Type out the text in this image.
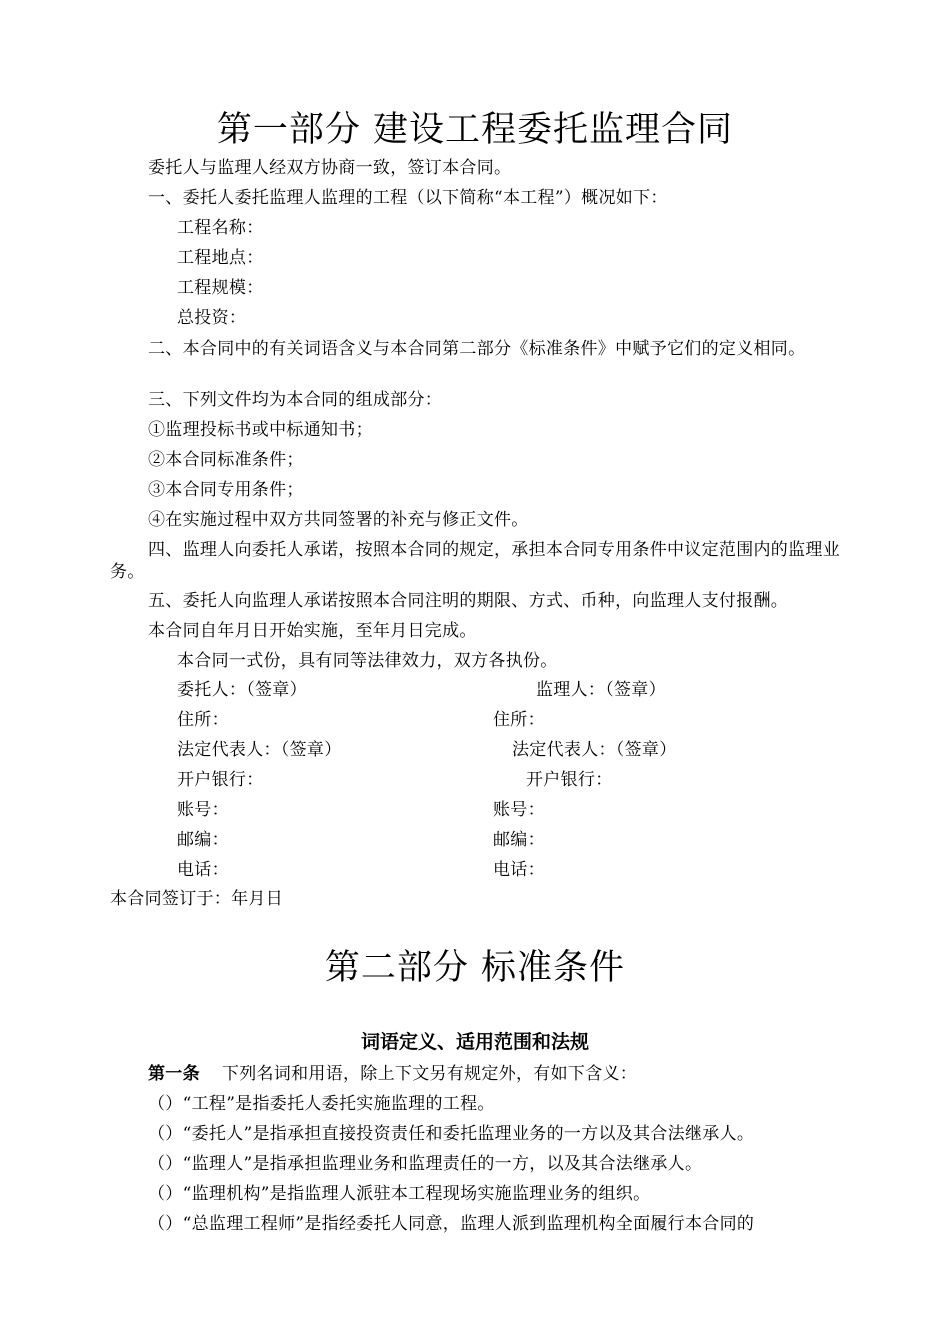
第一部分 建设工程委托监理合同
委托人与监理人经双方协商一致，签订本合同。
一、委托人委托监理人监理的工程（以下简称“本工程”）概况如下：
工程名称：
工程地点：
工程规模：
总投资：
二、本合同中的有关词语含义与本合同第二部分《标准条件》中赋予它们的定义相同。
三、下列文件均为本合同的组成部分：
①监理投标书或中标通知书；
②本合同标准条件；
③本合同专用条件；
④在实施过程中双方共同签署的补充与修正文件。
四、监理人向委托人承诺，按照本合同的规定，承担本合同专用条件中议定范围内的监理业务。
五、委托人向监理人承诺按照本合同注明的期限、方式、币种，向监理人支付报酬。
本合同自年月日开始实施，至年月日完成。
本合同一式份，具有同等法律效力，双方各执份。
委托人：（签章）	监理人：（签章）
住所：	住所：
法定代表人：（签章）	法定代表人：（签章）
开户银行：	开户银行：
账号：	账号：
邮编：	邮编：
电话：	电话：
本合同签订于：年月日
第二部分 标准条件
词语定义、适用范围和法规
第一条 下列名词和用语，除上下文另有规定外，有如下含义：
（）“工程”是指委托人委托实施监理的工程。
（）“委托人”是指承担直接投资责任和委托监理业务的一方以及其合法继承人。
（）“监理人”是指承担监理业务和监理责任的一方，以及其合法继承人。
（）“监理机构”是指监理人派驻本工程现场实施监理业务的组织。
（）“总监理工程师”是指经委托人同意，监理人派到监理机构全面履行本合同的
